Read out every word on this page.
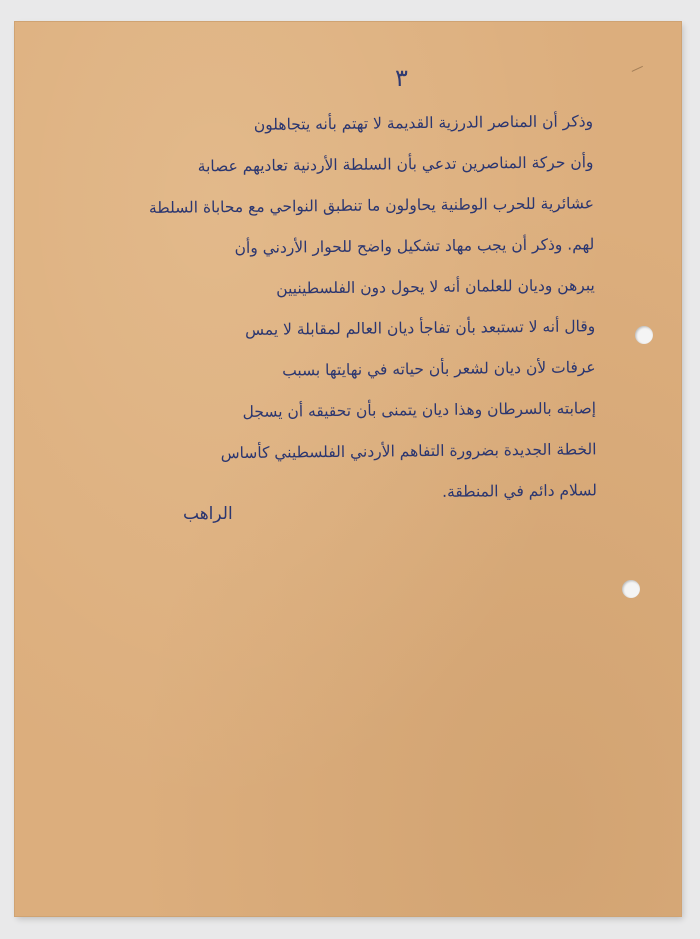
٣
وذكر أن المناصر الدرزية القديمة لا تهتم بأنه يتجاهلون
وأن حركة المناصرين تدعي بأن السلطة الأردنية تعاديهم عصابة
عشائرية للحرب الوطنية يحاولون ما تنطبق النواحي مع محاباة السلطة
لهم. وذكر أن يجب مهاد تشكيل واضح للحوار الأردني وأن
يبرهن وديان للعلمان أنه لا يحول دون الفلسطينيين
وقال أنه لا تستبعد بأن تفاجأ ديان العالم لمقابلة لا يمس
عرفات لأن ديان لشعر بأن حياته في نهايتها بسبب
إصابته بالسرطان وهذا ديان يتمنى بأن تحقيقه أن يسجل
الخطة الجديدة بضرورة التفاهم الأردني الفلسطيني كأساس
لسلام دائم في المنطقة.
الراهب
